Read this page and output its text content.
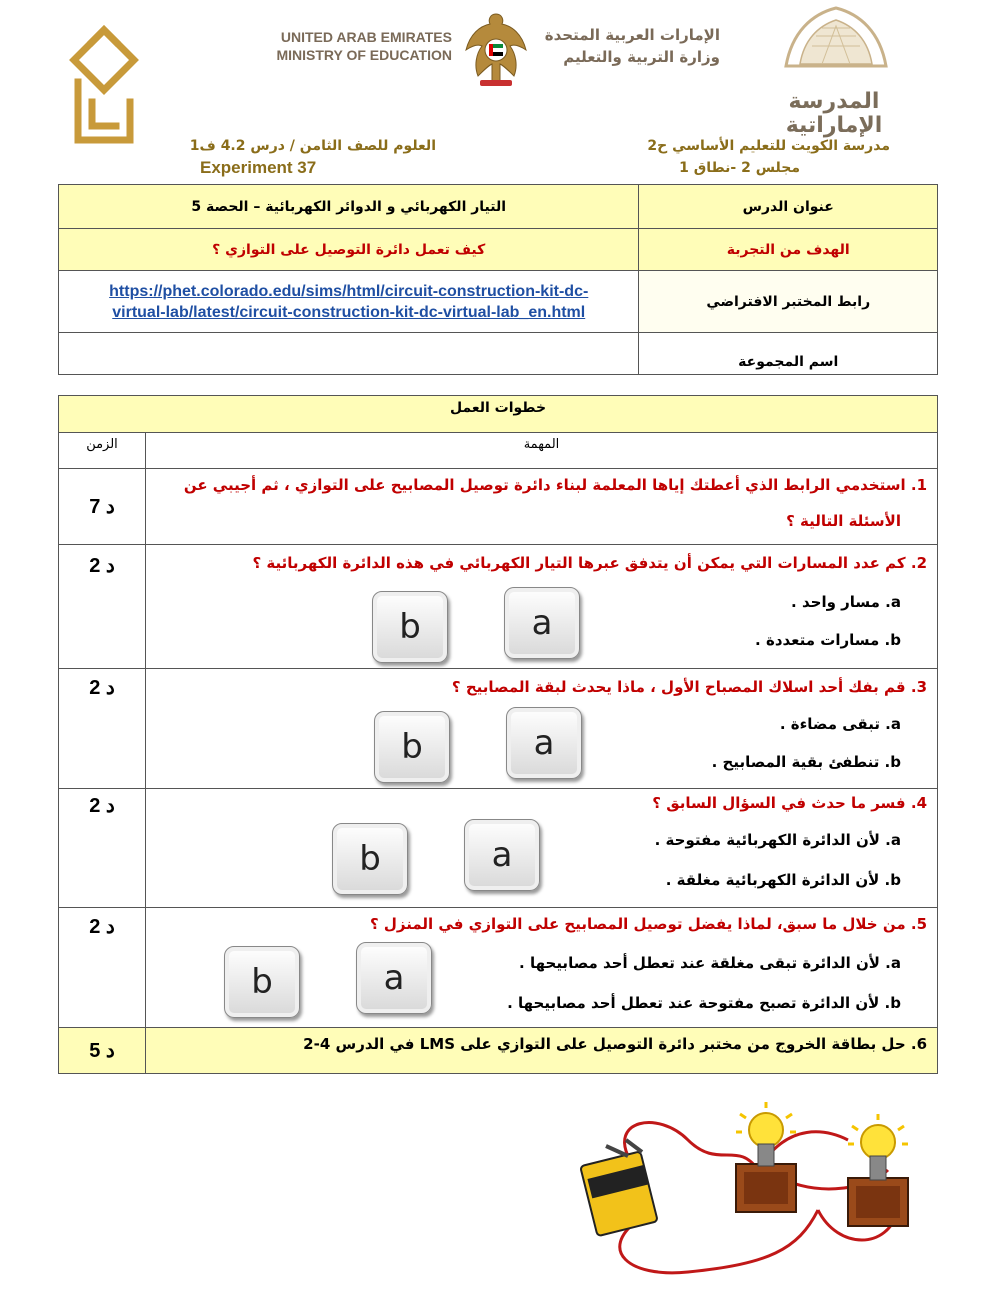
UNITED ARAB EMIRATES
MINISTRY OF EDUCATION
الإمارات العربية المتحدة
وزارة التربية والتعليم
المدرسة
الإماراتية
مدرسة الكويت للتعليم الأساسي ح2
مجلس 2 -نطاق 1
العلوم للصف الثامن / درس 4.2 ف1
Experiment 37
التيار الكهربائي و الدوائر الكهربائية – الحصة 5	عنوان الدرس
كيف تعمل دائرة التوصيل على التوازي ؟	الهدف من التجربة

https://phet.colorado.edu/sims/html/circuit-construction-kit-dc-
virtual-lab/latest/circuit-construction-kit-dc-virtual-lab_en.html	رابط المختبر الافتراضي
	اسم المجموعة
خطوات العمل	
الزمن	المهمة
7 د	1. استخدمي الرابط الذي أعطتك إياها المعلمة لبناء دائرة توصيل المصابيح على التوازي ، ثم أجيبي عن
الأسئلة التالية ؟

2 د	2. كم عدد المسارات التي يمكن أن يتدفق عبرها التيار الكهربائي في هذه الدائرة الكهربائية ؟
a. مسار واحد .
b. مسارات متعددة .
a
b

2 د	3. قم بفك أحد اسلاك المصباح الأول ، ماذا يحدث لبقة المصابيح ؟
a. تبقى مضاءة .
b. تنطفئ بقية المصابيح .
a
b

2 د	4. فسر ما حدث في السؤال السابق ؟
a. لأن الدائرة الكهربائية مفتوحة .
b. لأن الدائرة الكهربائية مغلقة .
a
b

2 د	5. من خلال ما سبق، لماذا يفضل توصيل المصابيح على التوازي في المنزل ؟
a. لأن الدائرة تبقى مغلقة عند تعطل أحد مصابيحها .
b. لأن الدائرة تصبح مفتوحة عند تعطل أحد مصابيحها .
a
b

5 د	6. حل بطاقة الخروج من مختبر دائرة التوصيل على التوازي على LMS في الدرس 4-2
